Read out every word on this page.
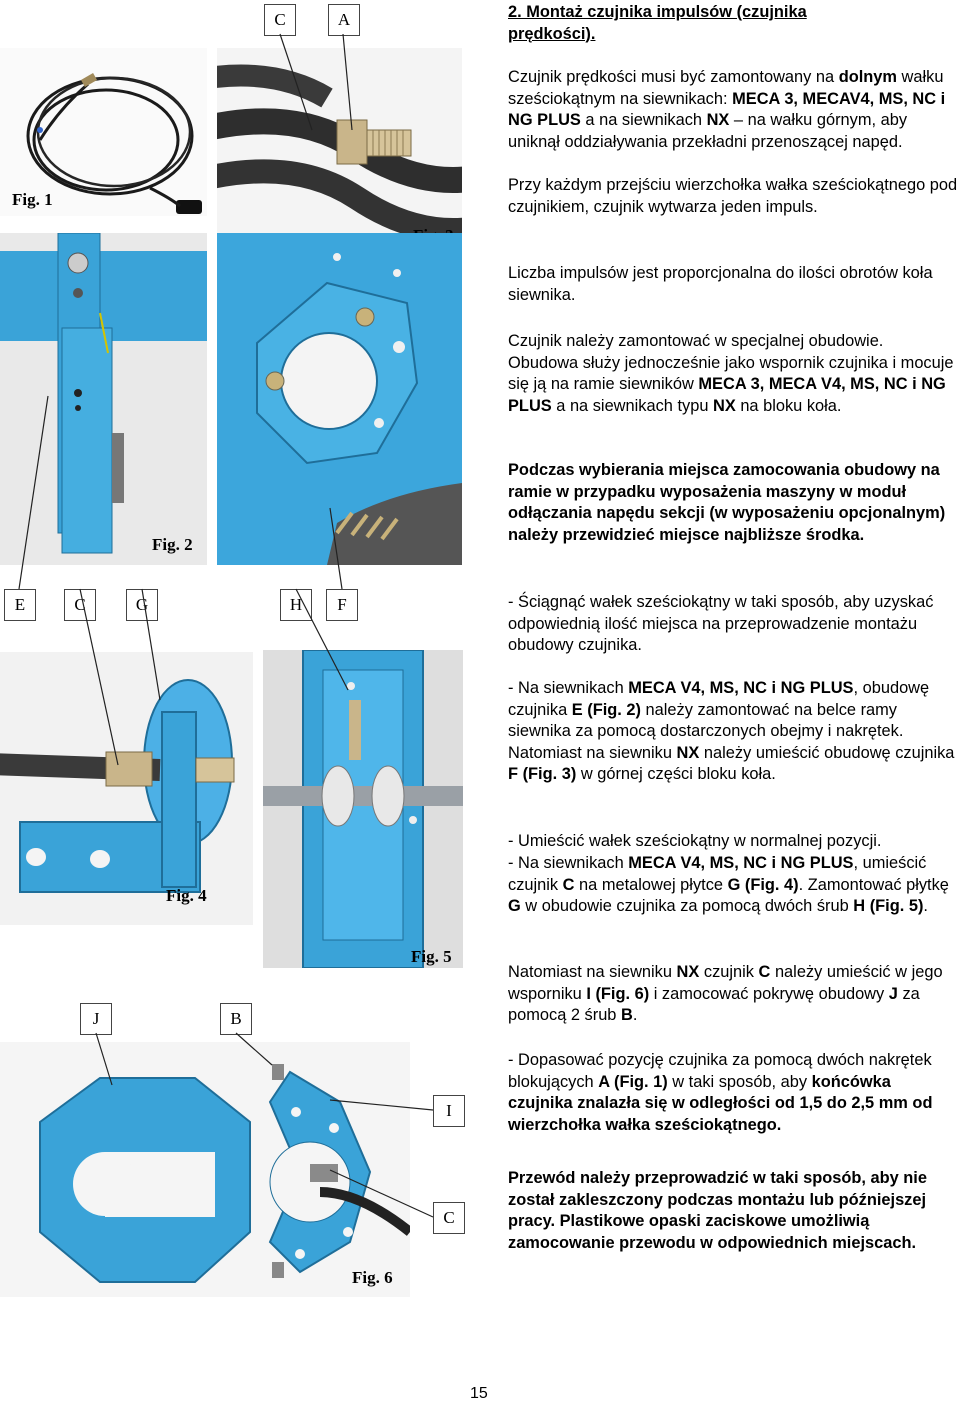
Fig. 1
Fig. 2
Fig. 4
Fig. 5
Fig. 6
C	A
E	C	G	H	F
J	B
I
C

2. Montaż czujnika impulsów (czujnika
prędkości).

Czujnik prędkości musi być zamontowany na dolnym wałku sześciokątnym na siewnikach: MECA 3, MECAV4, MS, NC i NG PLUS a na siewnikach NX – na wałku górnym, aby uniknął oddziaływania przekładni przenoszącej napęd.

Przy każdym przejściu wierzchołka wałka sześciokątnego pod czujnikiem, czujnik wytwarza jeden impuls.

Liczba impulsów jest proporcjonalna do ilości obrotów koła siewnika.

Czujnik należy zamontować w specjalnej obudowie. Obudowa służy jednocześnie jako wspornik czujnika i mocuje się ją na ramie siewników MECA 3, MECA V4, MS, NC i NG PLUS a na siewnikach typu NX na bloku koła.

Podczas wybierania miejsca zamocowania obudowy na ramie w przypadku wyposażenia maszyny w moduł odłączania napędu sekcji (w wyposażeniu opcjonalnym) należy przewidzieć miejsce najbliższe środka.

- Ściągnąć wałek sześciokątny w taki sposób, aby uzyskać odpowiednią ilość miejsca na przeprowadzenie montażu obudowy czujnika.

- Na siewnikach MECA V4, MS, NC i NG PLUS, obudowę czujnika E (Fig. 2) należy zamontować na belce ramy siewnika za pomocą dostarczonych obejmy i nakrętek. Natomiast na siewniku NX należy umieścić obudowę czujnika F (Fig. 3) w górnej części bloku koła.

- Umieścić wałek sześciokątny w normalnej pozycji.

- Na siewnikach MECA V4, MS, NC i NG PLUS, umieścić czujnik C na metalowej płytce G (Fig. 4). Zamontować płytkę G w obudowie czujnika za pomocą dwóch śrub H (Fig. 5).

Natomiast na siewniku NX czujnik C należy umieścić w jego wsporniku I (Fig. 6) i zamocować pokrywę obudowy J za pomocą 2 śrub B.

- Dopasować pozycję czujnika za pomocą dwóch nakrętek blokujących A (Fig. 1) w taki sposób, aby końcówka czujnika znalazła się w odległości od 1,5 do 2,5 mm od wierzchołka wałka sześciokątnego.

Przewód należy przeprowadzić w taki sposób, aby nie został zakleszczony podczas montażu lub późniejszej pracy. Plastikowe opaski zaciskowe umożliwią zamocowanie przewodu w odpowiednich miejscach.

15
